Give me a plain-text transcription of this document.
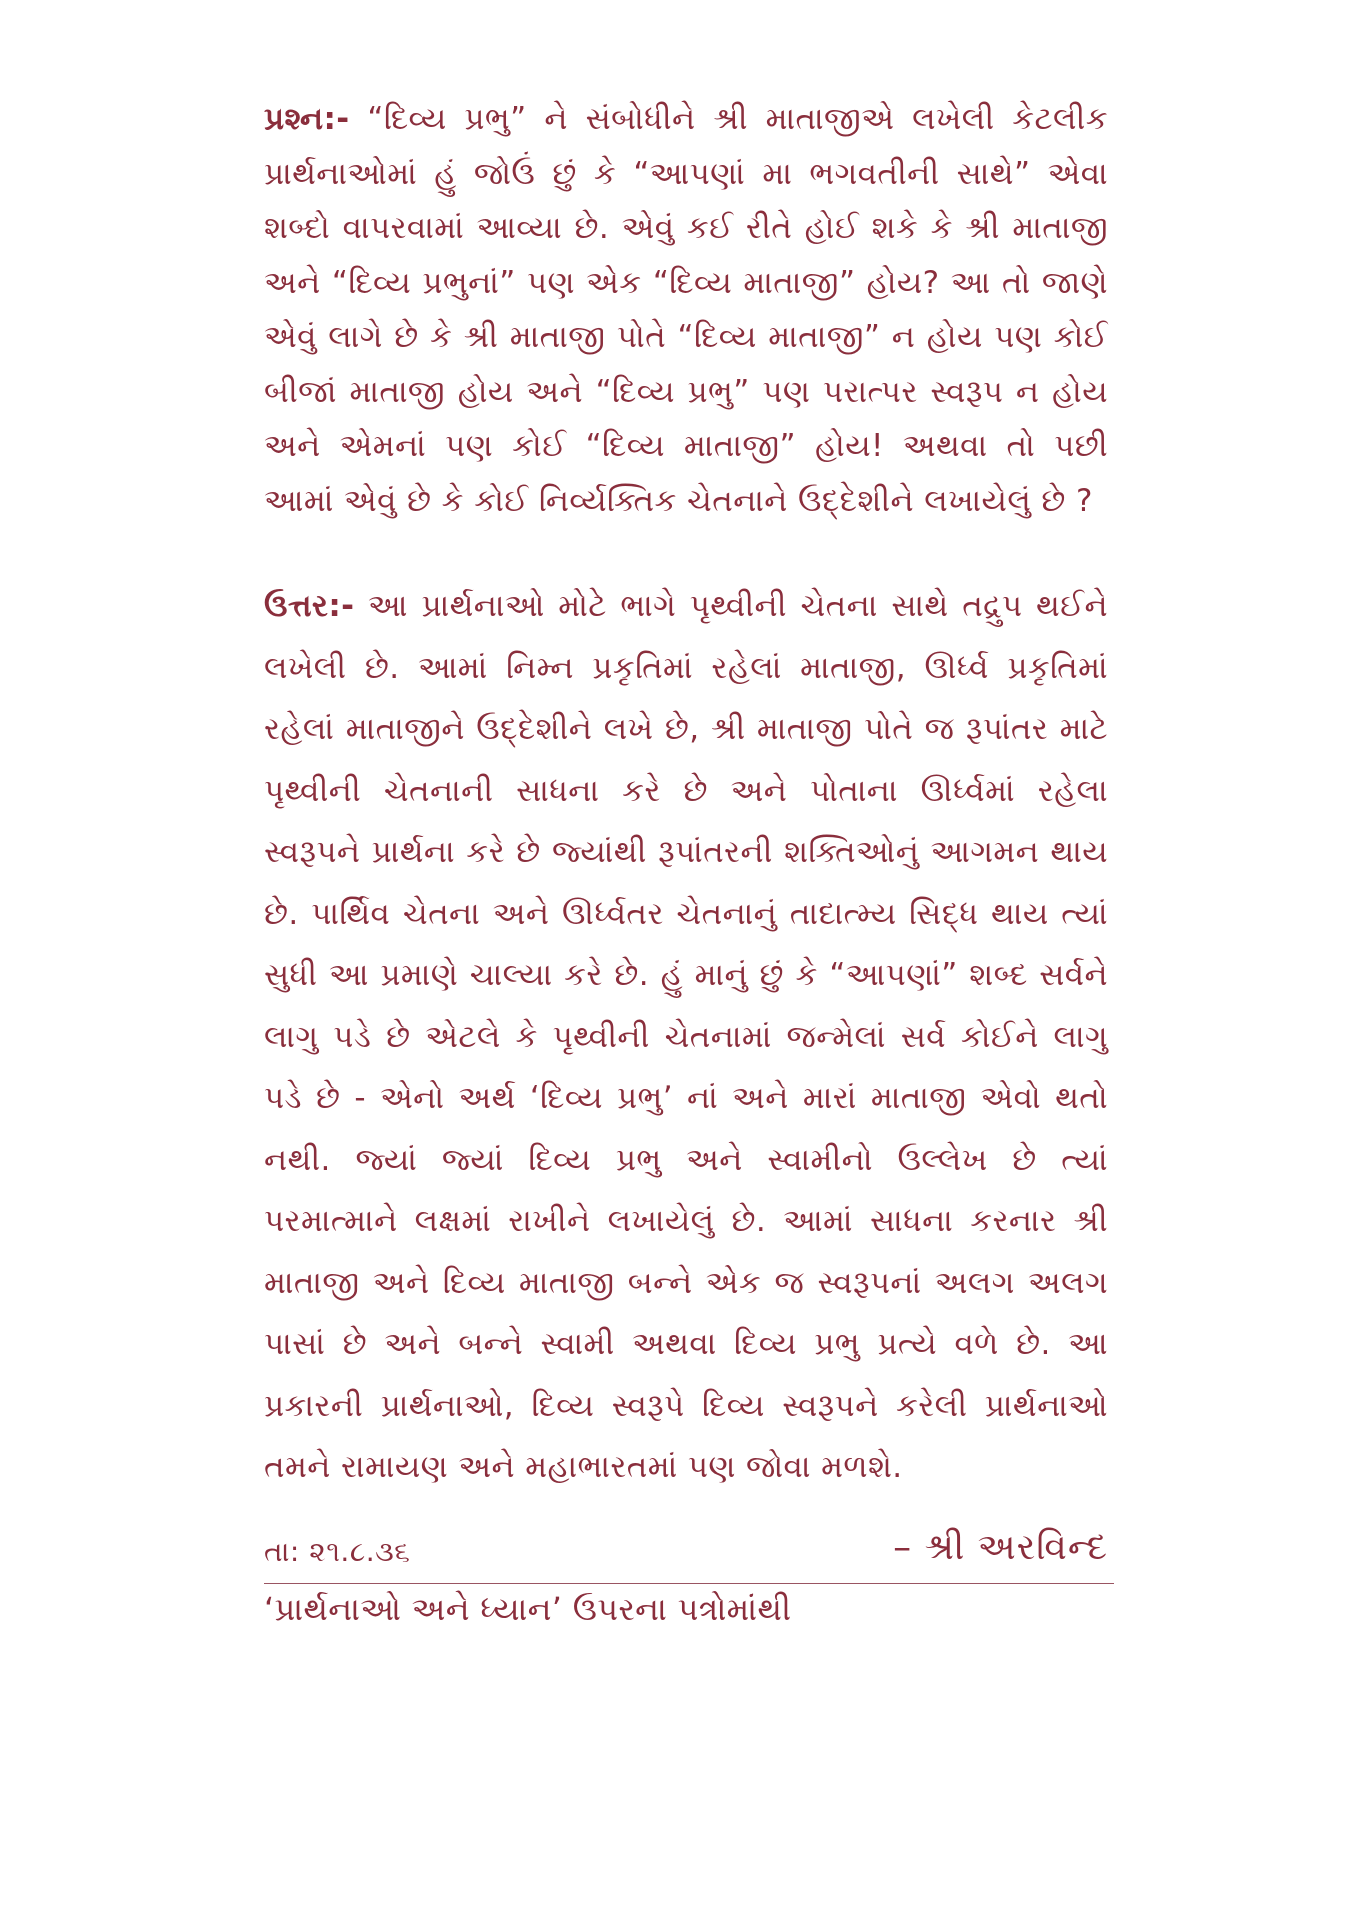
પ્રશ્ન:- “દિવ્ય પ્રભુ” ને સંબોધીને શ્રી માતાજીએ લખેલી કેટલીક પ્રાર્થનાઓમાં હું જોઉં છું કે “આપણાં મા ભગવતીની સાથે” એવા શબ્દો વાપરવામાં આવ્યા છે. એવું કઈ રીતે હોઈ શકે કે શ્રી માતાજી અને “દિવ્ય પ્રભુનાં” પણ એક “દિવ્ય માતાજી” હોય? આ તો જાણે એવું લાગે છે કે શ્રી માતાજી પોતે “દિવ્ય માતાજી” ન હોય પણ કોઈ બીજાં માતાજી હોય અને “દિવ્ય પ્રભુ” પણ પરાત્પર સ્વરૂપ ન હોય અને એમનાં પણ કોઈ “દિવ્ય માતાજી” હોય! અથવા તો પછી આમાં એવું છે કે કોઈ નિર્વ્યક્તિક ચેતનાને ઉદ્દેશીને લખાયેલું છે ?

ઉત્તર:- આ પ્રાર્થનાઓ મોટે ભાગે પૃથ્વીની ચેતના સાથે તદ્રુપ થઈને લખેલી છે. આમાં નિમ્ન પ્રકૃતિમાં રહેલાં માતાજી, ઊર્ધ્વ પ્રકૃતિમાં રહેલાં માતાજીને ઉદ્દેશીને લખે છે, શ્રી માતાજી પોતે જ રૂપાંતર માટે પૃથ્વીની ચેતનાની સાધના કરે છે અને પોતાના ઊર્ધ્વમાં રહેલા સ્વરૂપને પ્રાર્થના કરે છે જ્યાંથી રૂપાંતરની શક્તિઓનું આગમન થાય છે. પાર્થિવ ચેતના અને ઊર્ધ્વતર ચેતનાનું તાદાત્મ્ય સિદ્ધ થાય ત્યાં સુધી આ પ્રમાણે ચાલ્યા કરે છે. હું માનું છું કે “આપણાં” શબ્દ સર્વને લાગુ પડે છે એટલે કે પૃથ્વીની ચેતનામાં જન્મેલાં સર્વ કોઈને લાગુ પડે છે - એનો અર્થ ‘દિવ્ય પ્રભુ’ નાં અને મારાં માતાજી એવો થતો નથી. જ્યાં જ્યાં દિવ્ય પ્રભુ અને સ્વામીનો ઉલ્લેખ છે ત્યાં પરમાત્માને લક્ષમાં રાખીને લખાયેલું છે. આમાં સાધના કરનાર શ્રી માતાજી અને દિવ્ય માતાજી બન્ને એક જ સ્વરૂપનાં અલગ અલગ પાસાં છે અને બન્ને સ્વામી અથવા દિવ્ય પ્રભુ પ્રત્યે વળે છે. આ પ્રકારની પ્રાર્થનાઓ, દિવ્ય સ્વરૂપે દિવ્ય સ્વરૂપને કરેલી પ્રાર્થનાઓ તમને રામાયણ અને મહાભારતમાં પણ જોવા મળશે.

તા: ૨૧.૮.૩૬	– શ્રી અરવિન્દ
‘પ્રાર્થનાઓ અને ધ્યાન’ ઉપરના પત્રોમાંથી
